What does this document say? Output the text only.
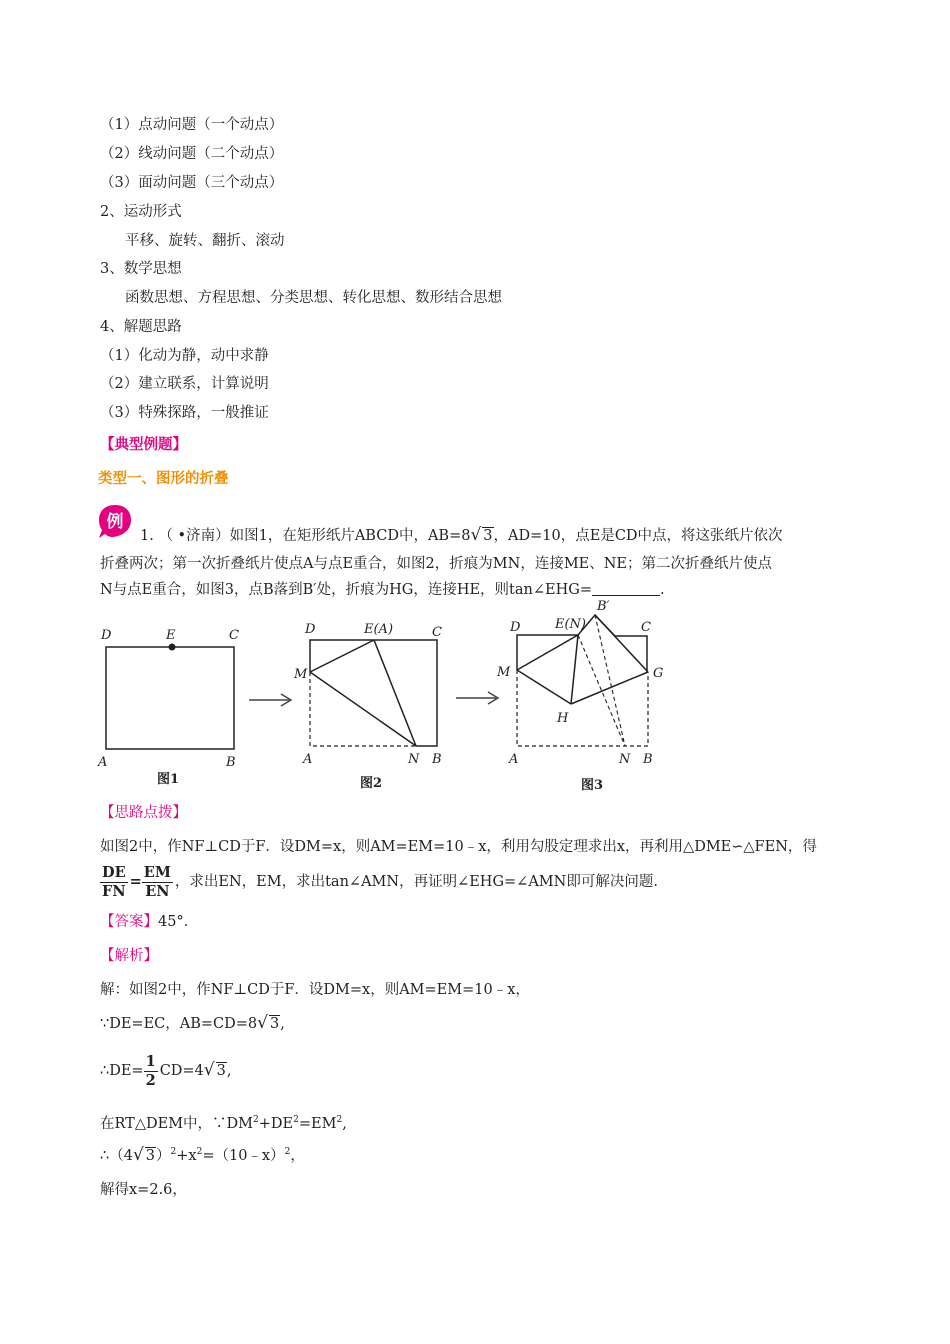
（1）点动问题（一个动点）
（2）线动问题（二个动点）
（3）面动问题（三个动点）
2、运动形式
平移、旋转、翻折、滚动
3、数学思想
函数思想、方程思想、分类思想、转化思想、数形结合思想
4、解题思路
（1）化动为静，动中求静
（2）建立联系，计算说明
（3）特殊探路，一般推证
【典型例题】
类型一、图形的折叠
例
1. （ •济南）如图1，在矩形纸片ABCD中，AB=8√ 3，AD=10，点E是CD中点，将这张纸片依次
折叠两次；第一次折叠纸片使点A与点E重合，如图2，折痕为MN，连接ME、NE；第二次折叠纸片使点
N与点E重合，如图3，点B落到B′处，折痕为HG，连接HE，则tan∠EHG=	.
D	E	C
A	B
图1
D	E(A)	C
M
A	N B
图2
D	E(N)
B′
C
M	G
H
A	N B
图3
【思路点拨】
如图2中，作NF⊥CD于F．设DM=x，则AM=EM=10﹣x，利用勾股定理求出x，再利用△DME∽△FEN，得
$\frac{DE}{FN} = \frac{EM}{EN}$ ，求出EN，EM，求出tan∠AMN，再证明∠EHG=∠AMN即可解决问题.
【答案】45°．
【解析】
解：如图2中，作NF⊥CD于F．设DM=x，则AM=EM=10﹣x，
∵DE=EC，AB=CD=8√ 3,
∴DE= $\frac{1}{2} CD=4√$ 3,
在RT△DEM中，$\because DM^2+DE^2=EM^2$,
∴（4√ $3)^2+x^2=(10﹣x)^2$，
解得x=2.6，
